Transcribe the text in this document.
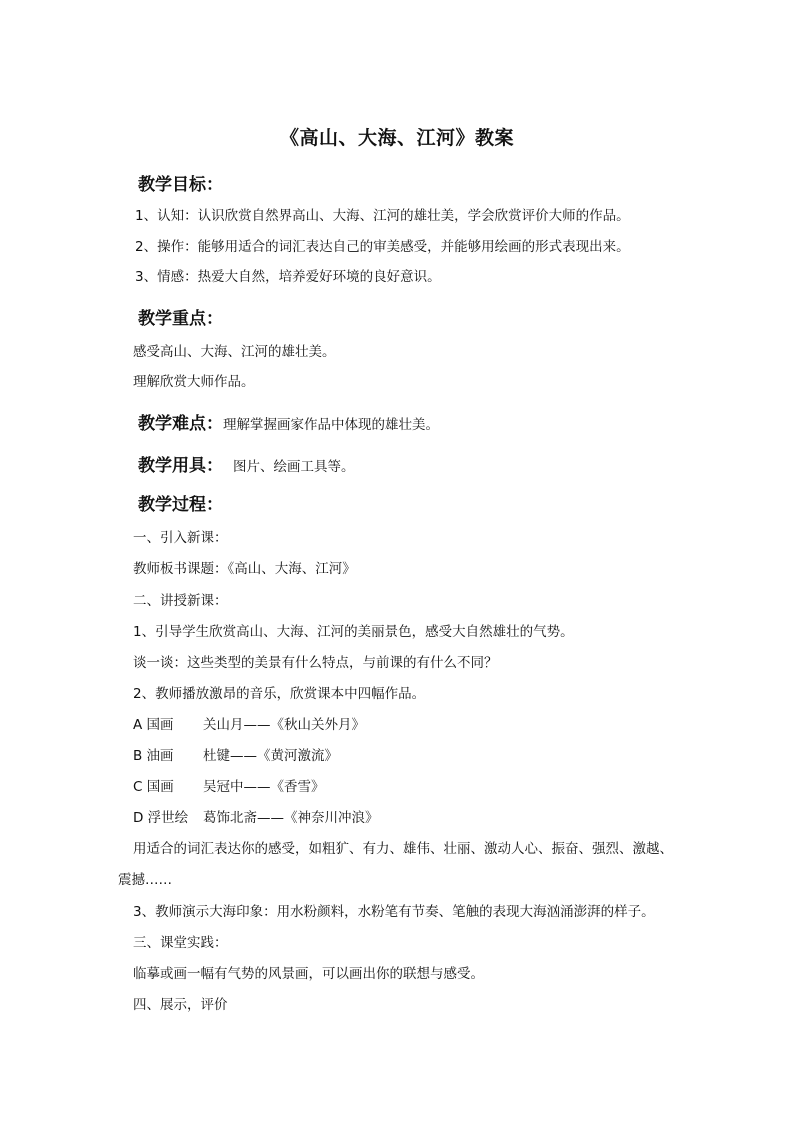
《高山、大海、江河》教案
教学目标：
1、认知：认识欣赏自然界高山、大海、江河的雄壮美，学会欣赏评价大师的作品。
2、操作：能够用适合的词汇表达自己的审美感受，并能够用绘画的形式表现出来。
3、情感：热爱大自然，培养爱好环境的良好意识。
教学重点：
感受高山、大海、江河的雄壮美。
理解欣赏大师作品。
教学难点：理解掌握画家作品中体现的雄壮美。
教学用具： 图片、绘画工具等。
教学过程：
一、引入新课：
教师板书课题：《高山、大海、江河》
二、讲授新课：
1、引导学生欣赏高山、大海、江河的美丽景色，感受大自然雄壮的气势。
谈一谈：这些类型的美景有什么特点，与前课的有什么不同？
2、教师播放激昂的音乐，欣赏课本中四幅作品。
A 国画 关山月——《秋山关外月》
B 油画 杜键——《黄河激流》
C 国画 吴冠中——《香雪》
D 浮世绘 葛饰北斋——《神奈川冲浪》
用适合的词汇表达你的感受，如粗犷、有力、雄伟、壮丽、激动人心、振奋、强烈、激越、
震撼……
3、教师演示大海印象：用水粉颜料，水粉笔有节奏、笔触的表现大海汹涌澎湃的样子。
三、课堂实践：
临摹或画一幅有气势的风景画，可以画出你的联想与感受。
四、展示，评价
